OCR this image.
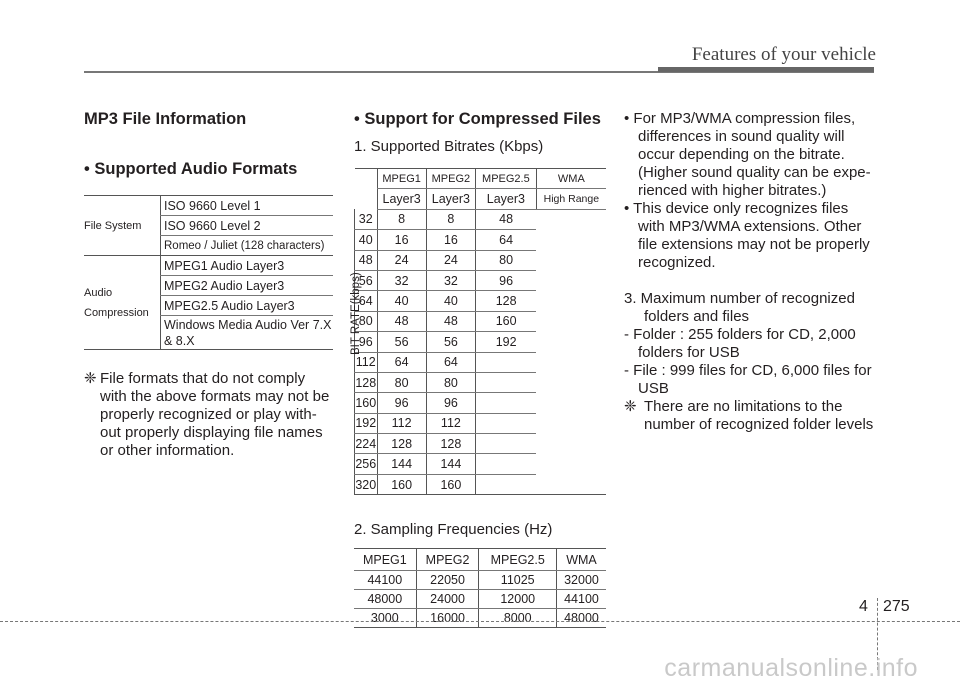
Features of your vehicle
MP3 File Information
• Supported Audio Formats
File System	ISO 9660 Level 1
	ISO 9660 Level 2
	Romeo / Juliet (128 characters)

Audio
Compression	MPEG1 Audio Layer3
	MPEG2 Audio Layer3
	MPEG2.5 Audio Layer3

	Windows Media Audio Ver 7.X
& 8.X
❈ File formats that do not comply
with the above formats may not be
properly recognized or play with-
out properly displaying file names
or other information.
• Support for Compressed Files
1. Supported Bitrates (Kbps)
BIT RATE(kbps)
	MPEG1	MPEG2	MPEG2.5	WMA
	Layer3	Layer3	Layer3	High Range
32	8	8	48	
40	16	16	64	
48	24	24	80	
56	32	32	96	
64	40	40	128	
80	48	48	160	
96	56	56	192	
112	64	64		
128	80	80		
160	96	96		
192	112	112		
224	128	128		
256	144	144		
320	160	160		
2. Sampling Frequencies (Hz)
MPEG1	MPEG2	MPEG2.5	WMA
44100	22050	11025	32000
48000	24000	12000	44100
3000	16000	8000	48000
• For MP3/WMA compression files,
differences in sound quality will
occur depending on the bitrate.
(Higher sound quality can be expe-
rienced with higher bitrates.)
• This device only recognizes files
with MP3/WMA extensions. Other
file extensions may not be properly
recognized.
3. Maximum number of recognized
folders and files
- Folder : 255 folders for CD, 2,000
folders for USB
- File : 999 files for CD, 6,000 files for
USB
❈ There are no limitations to the
number of recognized folder levels
4 275
carmanualsonline.info
